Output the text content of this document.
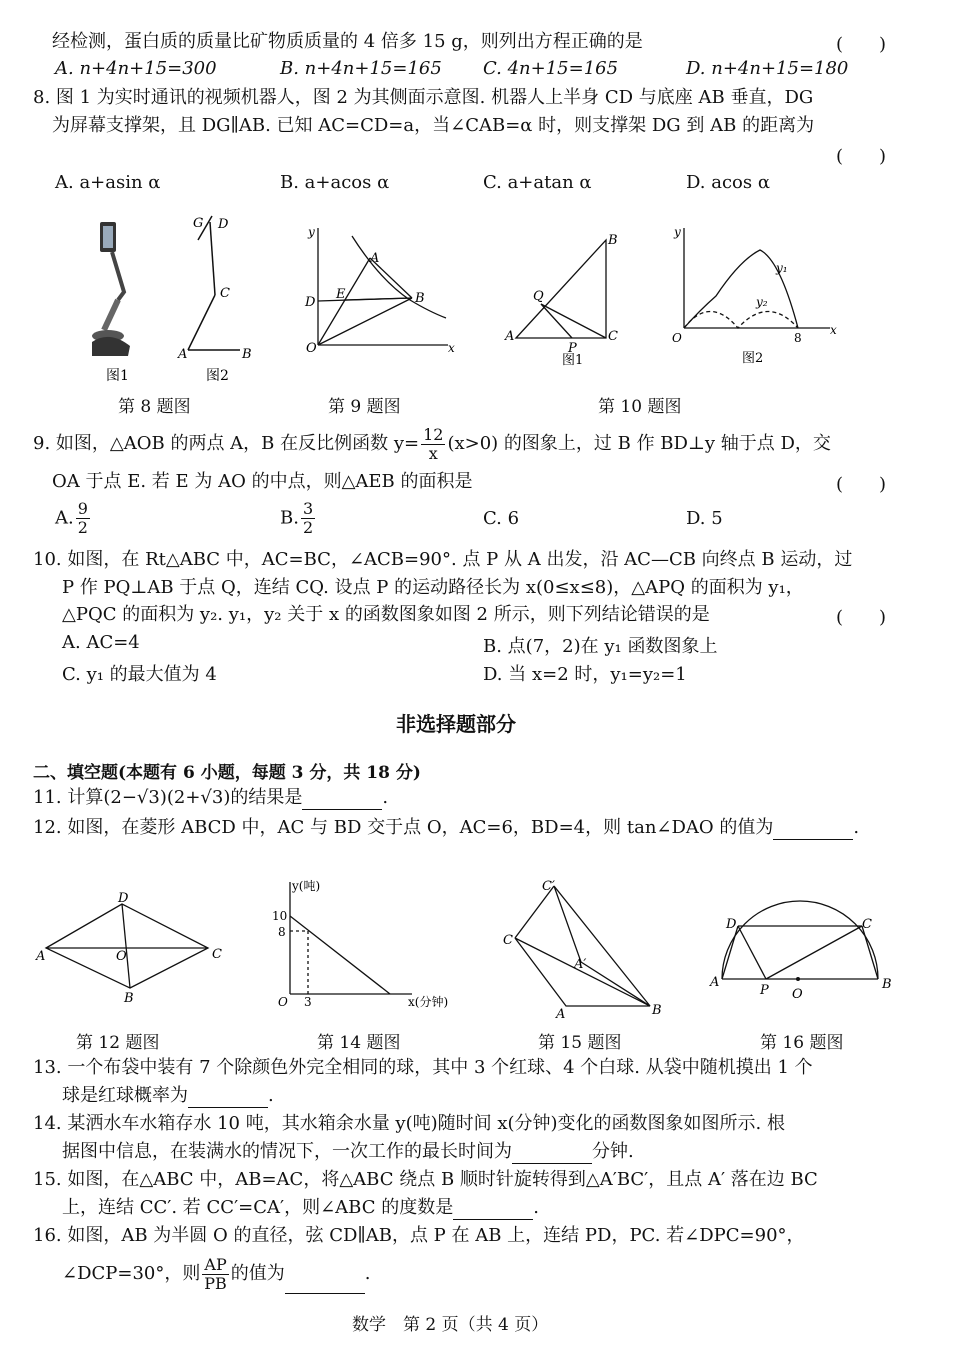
经检测，蛋白质的质量比矿物质质量的 4 倍多 15 g，则列出方程正确的是	(　　)
A. n+4n+15=300	B. n+4n+15=165 C. 4n+15=165	D. n+4n+15=180
8. 图 1 为实时通讯的视频机器人，图 2 为其侧面示意图. 机器人上半身 CD 与底座 AB 垂直，DG
为屏幕支撑架，且 DG∥AB. 已知 AC=CD=a，当∠CAB=α 时，则支撑架 DG 到 AB 的距离为
(　　)
A. a+asin α	B. a+acos α	C. a+atan α	D. acos α
图1
G D
C
A	B
图2
y
x
A
B
D
E
O
A
B
C
Q
P
图1
y
x
O	8
y₁
y₂
图2
第 8 题图	第 9 题图	第 10 题图
9. 如图，△AOB 的两点 A，B 在反比例函数 $y= \frac{12}{x} (x>0)$ 的图象上，过 B 作 BD⊥y 轴于点 D，交
OA 于点 E. 若 E 为 AO 的中点，则△AEB 的面积是	(　　)
A. $\frac{9}{2}$	B. $\frac{3}{2}$	C. 6	D. 5
10. 如图，在 Rt△ABC 中，AC=BC，∠ACB=90°. 点 P 从 A 出发，沿 AC—CB 向终点 B 运动，过
P 作 PQ⊥AB 于点 Q，连结 CQ. 设点 P 的运动路径长为 x(0≤x≤8)，△APQ 的面积为 y₁，
△PQC 的面积为 y₂. y₁，y₂ 关于 x 的函数图象如图 2 所示，则下列结论错误的是	(　　)
A. AC=4	B. 点(7，2)在 y₁ 函数图象上
C. y₁ 的最大值为 4	D. 当 x=2 时，y₁=y₂=1
非选择题部分
二、填空题(本题有 6 小题，每题 3 分，共 18 分)
11. 计算(2−√3)(2+√3)的结果是	.
12. 如图，在菱形 ABCD 中，AC 与 BD 交于点 O，AC=6，BD=4，则 tan∠DAO 的值为	.
D
A	C
O
B
y(吨)
x(分钟)
10
8
3
O
C′
C
A′
A	B
D	C
A	B
P O
第 12 题图	第 14 题图	第 15 题图	第 16 题图
13. 一个布袋中装有 7 个除颜色外完全相同的球，其中 3 个红球、4 个白球. 从袋中随机摸出 1 个
球是红球概率为	.
14. 某洒水车水箱存水 10 吨，其水箱余水量 y(吨)随时间 x(分钟)变化的函数图象如图所示. 根
据图中信息，在装满水的情况下，一次工作的最长时间为	分钟.
15. 如图，在△ABC 中，AB=AC，将△ABC 绕点 B 顺时针旋转得到△A′BC′，且点 A′ 落在边 BC
上，连结 CC′. 若 CC′=CA′，则∠ABC 的度数是	.
16. 如图，AB 为半圆 O 的直径，弦 CD∥AB，点 P 在 AB 上，连结 PD，PC. 若∠DPC=90°，
∠DCP=30°，则 $\frac{AP}{PB}$ 的值为	.
数学　第 2 页（共 4 页）
